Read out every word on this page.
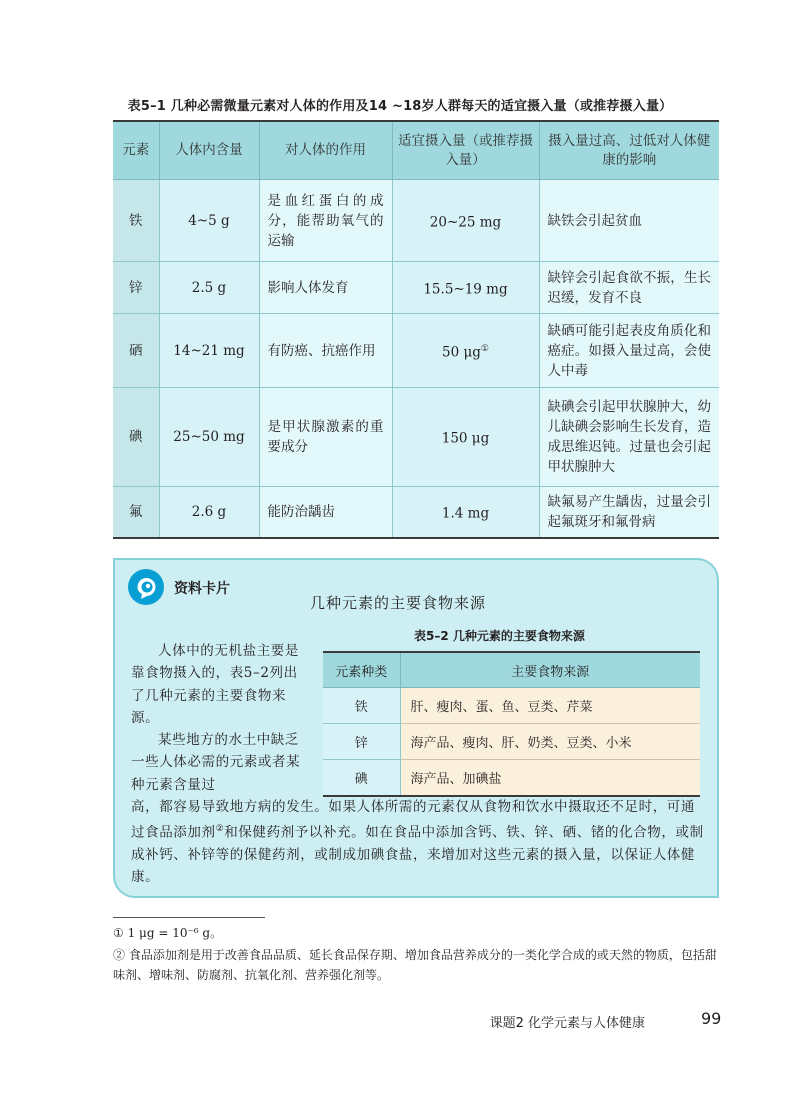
表5–1 几种必需微量元素对人体的作用及14 ~18岁人群每天的适宜摄入量（或推荐摄入量）
元素	人体内含量	对人体的作用	适宜摄入量（或推荐摄入量）	摄入量过高、过低对人体健康的影响
铁	4~5 g	是血红蛋白的成分，能帮助氧气的运输	20~25 mg	缺铁会引起贫血
锌	2.5 g	影响人体发育	15.5~19 mg	缺锌会引起食欲不振，生长迟缓，发育不良
硒	14~21 mg	有防癌、抗癌作用	50 μg①	缺硒可能引起表皮角质化和癌症。如摄入量过高，会使人中毒
碘	25~50 mg	是甲状腺激素的重要成分	150 μg	缺碘会引起甲状腺肿大，幼儿缺碘会影响生长发育，造成思维迟钝。过量也会引起甲状腺肿大
氟	2.6 g	能防治龋齿	1.4 mg	缺氟易产生龋齿，过量会引起氟斑牙和氟骨病
资料卡片
几种元素的主要食物来源
表5–2 几种元素的主要食物来源
元素种类	主要食物来源
铁	肝、瘦肉、蛋、鱼、豆类、芹菜
锌	海产品、瘦肉、肝、奶类、豆类、小米
碘	海产品、加碘盐
人体中的无机盐主要是靠食物摄入的，表5–2列出了几种元素的主要食物来源。
某些地方的水土中缺乏一些人体必需的元素或者某种元素含量过
高，都容易导致地方病的发生。如果人体所需的元素仅从食物和饮水中摄取还不足时，可通过食品添加剂②和保健药剂予以补充。如在食品中添加含钙、铁、锌、硒、锗的化合物，或制成补钙、补锌等的保健药剂，或制成加碘食盐，来增加对这些元素的摄入量，以保证人体健康。
① 1 μg = 10⁻⁶ g。
② 食品添加剂是用于改善食品品质、延长食品保存期、增加食品营养成分的一类化学合成的或天然的物质，包括甜味剂、增味剂、防腐剂、抗氧化剂、营养强化剂等。
课题2 化学元素与人体健康	99
